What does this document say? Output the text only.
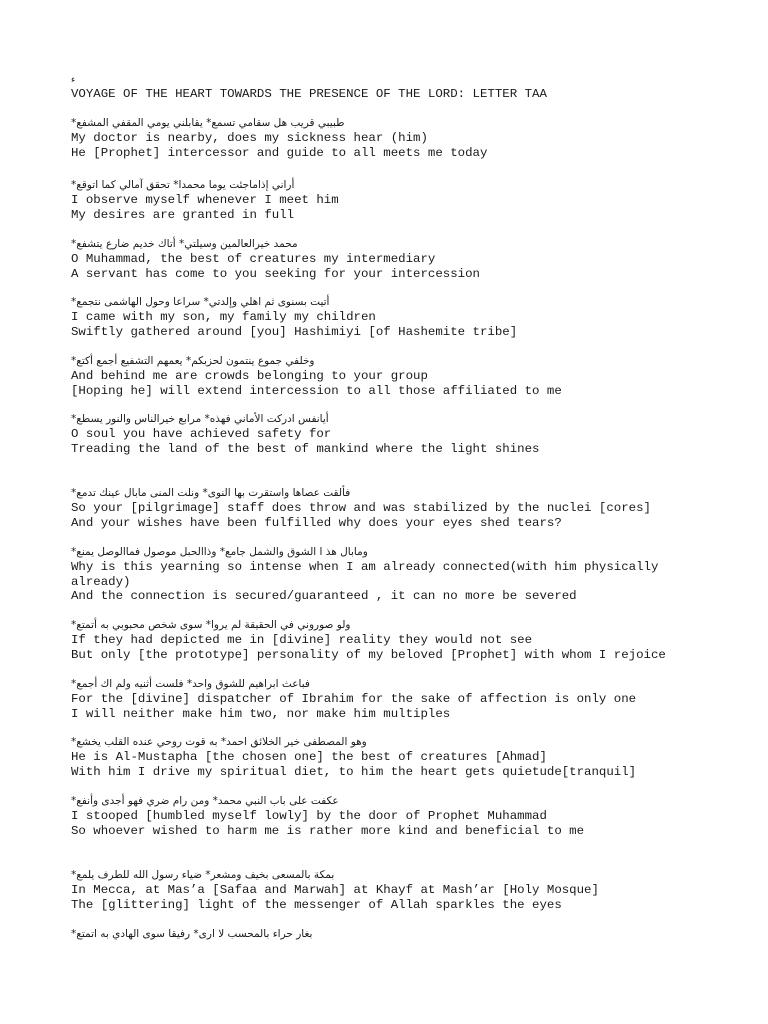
ء
VOYAGE OF THE HEART TOWARDS THE PRESENCE OF THE LORD: LETTER TAA
طبيبي قريب هل سقامي تسمع* يقابلني يومي المقفي المشفع*
My doctor is nearby, does my sickness hear (him)
He [Prophet] intercessor and guide to all meets me today
أراني إذاماجئت يوما محمدا* تحقق آمالي كما اتوقع*
I observe myself whenever I meet him
My desires are granted in full
محمد خيرالعالمين وسيلتي* أتاك خديم ضارع يتشفع*
O Muhammad, the best of creatures my intermediary
A servant has come to you seeking for your intercession
أتيت بسنوى ثم اهلي وإلدتي* سراعا وحول الهاشمى نتجمع*
I came with my son, my family my children
Swiftly gathered around [you] Hashimiyi [of Hashemite tribe]
وخلفي جموع ينتمون لحزبكم* يعمهم التشفيع أجمع أكتع*
And behind me are crowds belonging to your group
[Hoping he] will extend intercession to all those affiliated to me
أيانفس ادركت الأماني فهذه* مرابع خيرالناس والنور يسطع*
O soul you have achieved safety for
Treading the land of the best of mankind where the light shines
فألقت عصاها واستقرت بها النوى* ونلت المنى مابال عينك تدمع*
So your [pilgrimage] staff does throw and was stabilized by the nuclei [cores]
And your wishes have been fulfilled why does your eyes shed tears?
ومابال هذ ا الشوق والشمل جامع* وذاالحبل موصول فماالوصل يمنع*
Why is this yearning so intense when I am already connected(with him physically
already)
And the connection is secured/guaranteed , it can no more be severed
ولو صوروني في الحقيقة لم يروا* سوى شخص محبوبي به أتمتع*
If they had depicted me in [divine] reality they would not see
But only [the prototype] personality of my beloved [Prophet] with whom I rejoice
فباعث ابراهيم للشوق واحد* فلست أثنيه ولم اك أجمع*
For the [divine] dispatcher of Ibrahim for the sake of affection is only one
I will neither make him two, nor make him multiples
وهو المصطفى خير الخلائق احمد* به قوت روحي عنده القلب يخشع*
He is Al-Mustapha [the chosen one] the best of creatures [Ahmad]
With him I drive my spiritual diet, to him the heart gets quietude[tranquil]
عكفت على باب النبي محمد* ومن رام ضري فهو أجدى وأنفع*
I stooped [humbled myself lowly] by the door of Prophet Muhammad
So whoever wished to harm me is rather more kind and beneficial to me
بمكة بالمسعى بخيف ومشعر* ضياء رسول الله للطرف يلمع*
In Mecca, at Mas’a [Safaa and Marwah] at Khayf at Mash’ar [Holy Mosque]
The [glittering] light of the messenger of Allah sparkles the eyes
بغار حراء بالمحسب لا ارى* رفيقا سوى الهادي به اتمتع*
